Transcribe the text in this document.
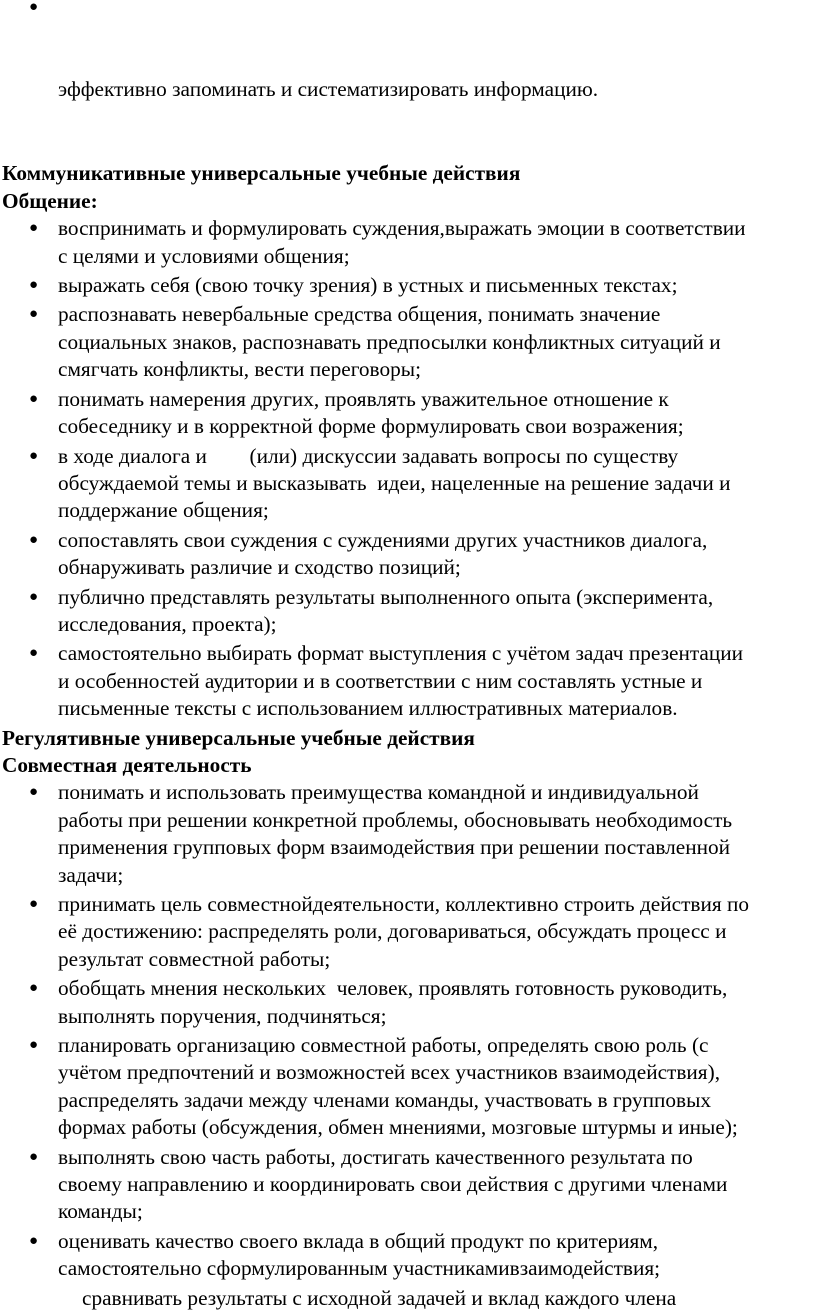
●

эффективно запоминать и систематизировать информацию.

Коммуникативные универсальные учебные действия

Общение:

● воспринимать и формулировать суждения,выражать эмоции в соответствии
с целями и условиями общения;
● выражать себя (свою точку зрения) в устных и письменных текстах;
● распознавать невербальные средства общения, понимать значение
социальных знаков, распознавать предпосылки конфликтных ситуаций и
смягчать конфликты, вести переговоры;
● понимать намерения других, проявлять уважительное отношение к
собеседнику и в корректной форме формулировать свои возражения;
● в ходе диалога и        (или) дискуссии задавать вопросы по существу
обсуждаемой темы и высказывать  идеи, нацеленные на решение задачи и
поддержание общения;
● сопоставлять свои суждения с суждениями других участников диалога,
обнаруживать различие и сходство позиций;
● публично представлять результаты выполненного опыта (эксперимента,
исследования, проекта);
● самостоятельно выбирать формат выступления с учётом задач презентации
и особенностей аудитории и в соответствии с ним составлять устные и
письменные тексты с использованием иллюстративных материалов.

Регулятивные универсальные учебные действия

Совместная деятельность

● понимать и использовать преимущества командной и индивидуальной
работы при решении конкретной проблемы, обосновывать необходимость
применения групповых форм взаимодействия при решении поставленной
задачи;
● принимать цель совместнойдеятельности, коллективно строить действия по
её достижению: распределять роли, договариваться, обсуждать процесс и
результат совместной работы;
● обобщать мнения нескольких  человек, проявлять готовность руководить,
выполнять поручения, подчиняться;
● планировать организацию совместной работы, определять свою роль (с
учётом предпочтений и возможностей всех участников взаимодействия),
распределять задачи между членами команды, участвовать в групповых
формах работы (обсуждения, обмен мнениями, мозговые штурмы и иные);
● выполнять свою часть работы, достигать качественного результата по
своему направлению и координировать свои действия с другими членами
команды;
● оценивать качество своего вклада в общий продукт по критериям,
самостоятельно сформулированным участникамивзаимодействия;

сравнивать результаты с исходной задачей и вклад каждого члена
